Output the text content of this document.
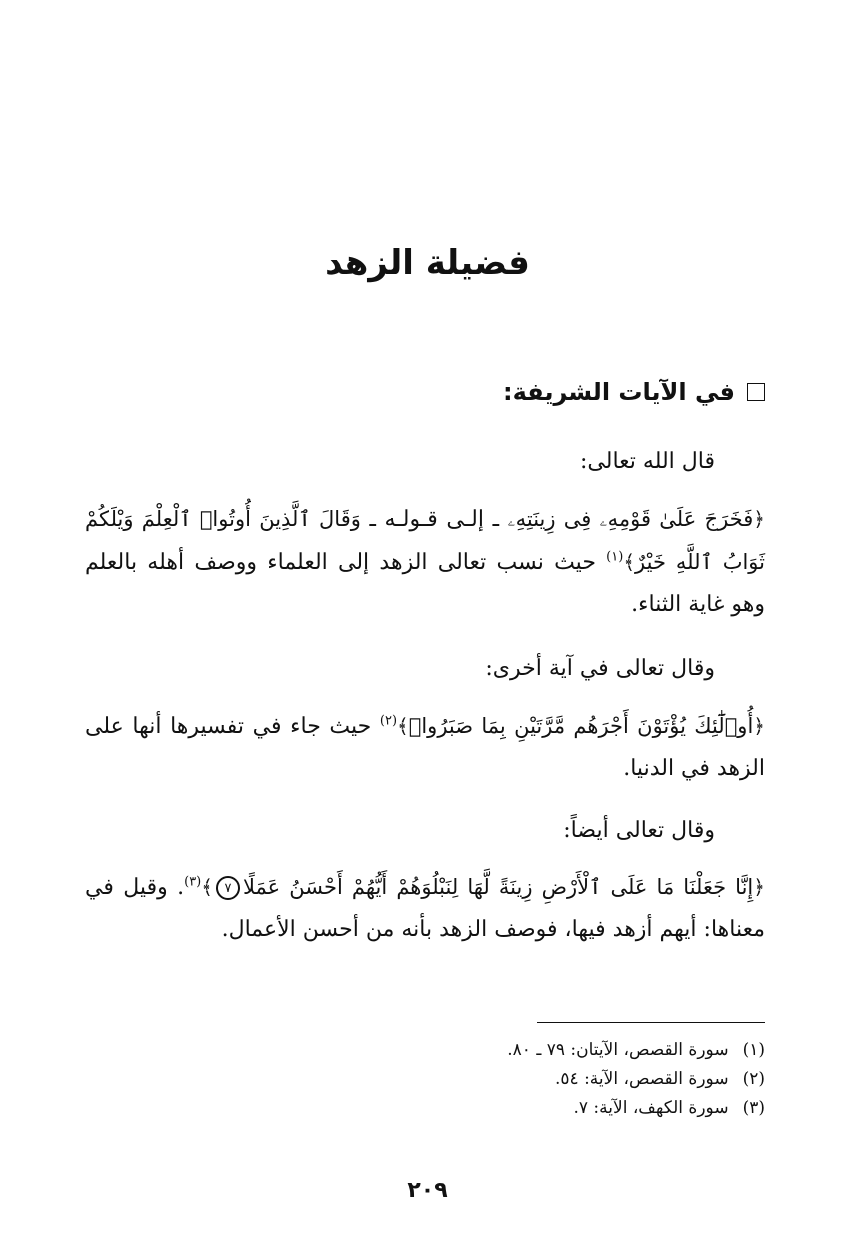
فضيلة الزهد
في الآيات الشريفة:
قال الله تعالى:
﴿فَخَرَجَ عَلَىٰ قَوْمِهِۦ فِى زِينَتِهِۦ ـ إلـى قـولـه ـ وَقَالَ ٱلَّذِينَ أُوتُوا۟ ٱلْعِلْمَ وَيْلَكُمْ ثَوَابُ ٱللَّهِ خَيْرٌ﴾$^{(١)}$ حيث نسب تعالى الزهد إلى العلماء ووصف أهله بالعلم وهو غاية الثناء.
وقال تعالى في آية أخرى:
﴿أُو۟لَٰٓئِكَ يُؤْتَوْنَ أَجْرَهُم مَّرَّتَيْنِ بِمَا صَبَرُوا۟﴾$^{(٢)}$ حيث جاء في تفسيرها أنها على الزهد في الدنيا.
وقال تعالى أيضاً:
﴿إِنَّا جَعَلْنَا مَا عَلَى ٱلْأَرْضِ زِينَةً لَّهَا لِنَبْلُوَهُمْ أَيُّهُمْ أَحْسَنُ عَمَلًا٧﴾$^{(٣)}$. وقيل في معناها: أيهم أزهد فيها، فوصف الزهد بأنه من أحسن الأعمال.
(١)سورة القصص، الآيتان: ٧٩ ـ ٨٠.
(٢)سورة القصص، الآية: ٥٤.
(٣)سورة الكهف، الآية: ٧.
٢٠٩
